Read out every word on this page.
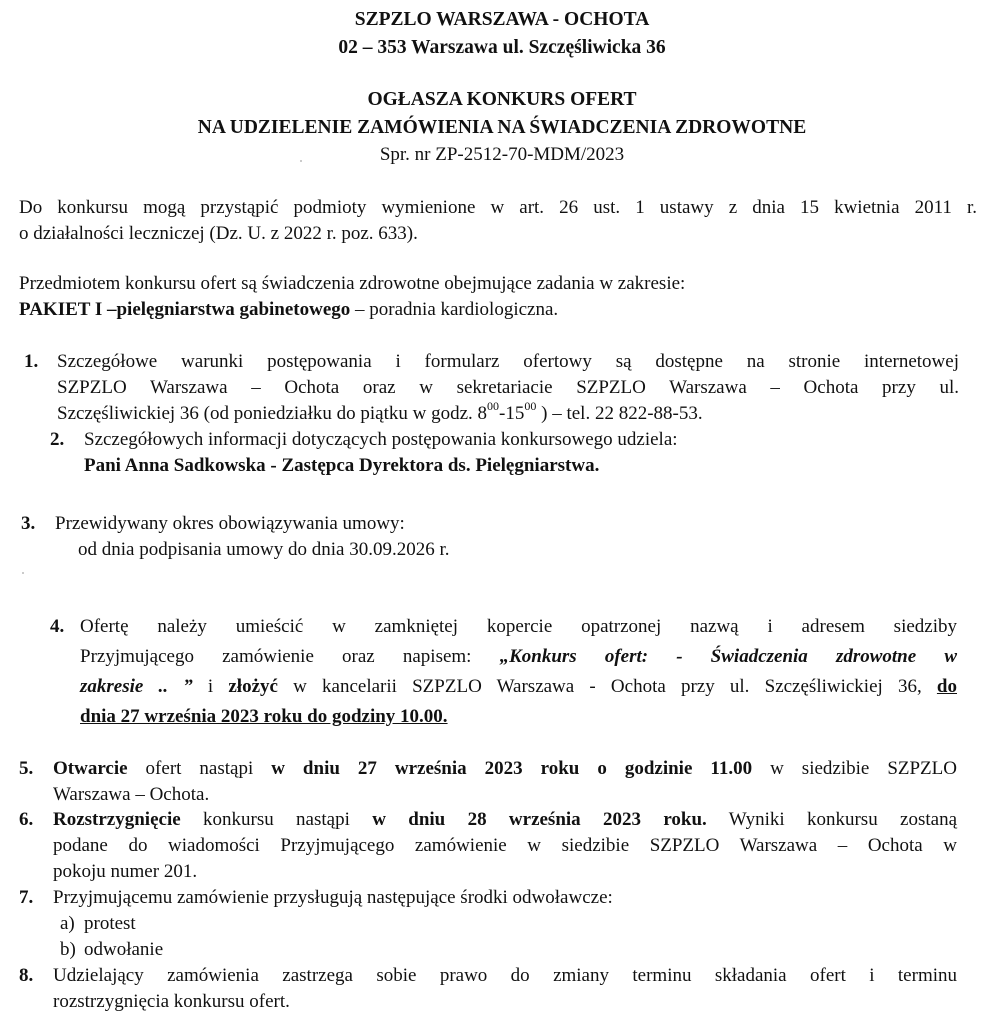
SZPZLO WARSZAWA - OCHOTA
02 – 353 Warszawa ul. Szczęśliwicka 36
OGŁASZA KONKURS OFERT
NA UDZIELENIE ZAMÓWIENIA NA ŚWIADCZENIA ZDROWOTNE
Spr. nr ZP-2512-70-MDM/2023
Do konkursu mogą przystąpić podmioty wymienione w art. 26 ust. 1 ustawy z dnia 15 kwietnia 2011 r.
o działalności leczniczej (Dz. U. z 2022 r. poz. 633).
Przedmiotem konkursu ofert są świadczenia zdrowotne obejmujące zadania w zakresie:
PAKIET I –pielęgniarstwa gabinetowego – poradnia kardiologiczna.
1. Szczegółowe warunki postępowania i formularz ofertowy są dostępne na stronie internetowej
SZPZLO Warszawa – Ochota oraz w sekretariacie SZPZLO Warszawa – Ochota przy ul.
Szczęśliwickiej 36 (od poniedziałku do piątku w godz. $8^{00}-15^{00}$ ) – tel. 22 822-88-53.
2. Szczegółowych informacji dotyczących postępowania konkursowego udziela:
Pani Anna Sadkowska - Zastępca Dyrektora ds. Pielęgniarstwa.
3. Przewidywany okres obowiązywania umowy:
od dnia podpisania umowy do dnia 30.09.2026 r.
4. Ofertę należy umieścić w zamkniętej kopercie opatrzonej nazwą i adresem siedziby
Przyjmującego zamówienie oraz napisem: „Konkurs ofert: - Świadczenia zdrowotne w
zakresie .. ” i złożyć w kancelarii SZPZLO Warszawa - Ochota przy ul. Szczęśliwickiej 36, do
dnia 27 września 2023 roku do godziny 10.00.
5. Otwarcie ofert nastąpi w dniu 27 września 2023 roku o godzinie 11.00 w siedzibie SZPZLO
Warszawa – Ochota.
6. Rozstrzygnięcie konkursu nastąpi w dniu 28 września 2023 roku. Wyniki konkursu zostaną
podane do wiadomości Przyjmującego zamówienie w siedzibie SZPZLO Warszawa – Ochota w
pokoju numer 201.
7. Przyjmującemu zamówienie przysługują następujące środki odwoławcze:
a) protest
b) odwołanie
8. Udzielający zamówienia zastrzega sobie prawo do zmiany terminu składania ofert i terminu
rozstrzygnięcia konkursu ofert.
